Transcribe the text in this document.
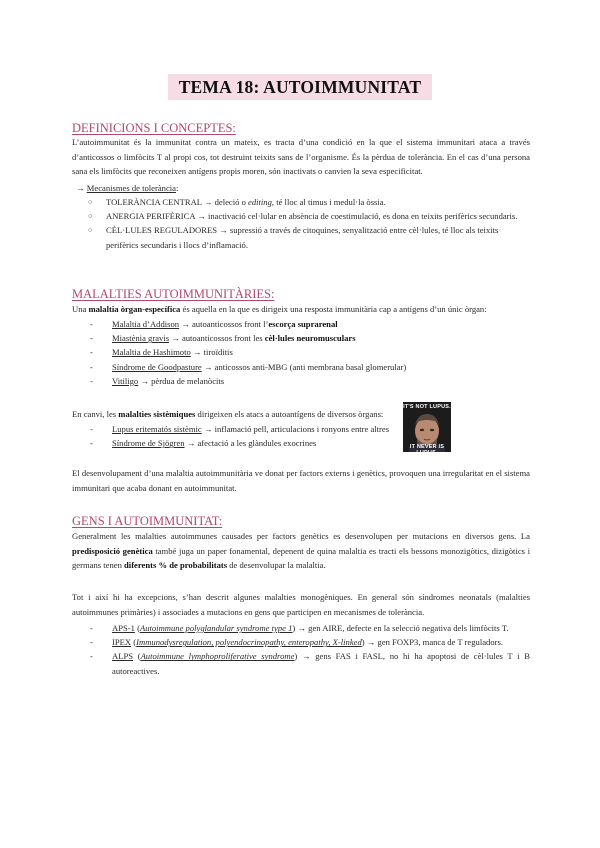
TEMA 18: AUTOIMMUNITAT
DEFINICIONS I CONCEPTES:
L’autoimmunitat és la immunitat contra un mateix, es tracta d’una condició en la que el sistema immunitari ataca a través d’anticossos o limfòcits T al propi cos, tot destruint teixits sans de l’organisme. És la pèrdua de tolerància. En el cas d’una persona sana els limfòcits que reconeixen antígens propis moren, són inactivats o canvien la seva especificitat.
→ Mecanismes de tolerància:
○ TOLERÀNCIA CENTRAL → deleció o editing, té lloc al timus i medul·la òssia.
○ ANERGIA PERIFÈRICA → inactivació cel·lular en absència de coestimulació, es dona en teixits perifèrics secundaris.
○ CÈL·LULES REGULADORES → supressió a través de citoquines, senyalització entre cèl·lules, té lloc als teixits perifèrics secundaris i llocs d’inflamació.
MALALTIES AUTOIMMUNITÀRIES:
Una malaltia òrgan-específica és aquella en la que es dirigeix una resposta immunitària cap a antígens d’un únic òrgan:
- Malaltia d’Addison → autoanticossos front l’escorça suprarenal
- Miastènia gravis → autoanticossos front les cèl·lules neuromusculars
- Malaltia de Hashimoto → tiroïditis
- Síndrome de Goodpasture → anticossos anti-MBG (anti membrana basal glomerular)
- Vitiligo → pèrdua de melanòcits
En canvi, les malalties sistèmiques dirigeixen els atacs a autoantígens de diversos òrgans:
- Lupus eritematós sistèmic → inflamació pell, articulacions i ronyons entre altres
- Síndrome de Sjögren → afectació a les glàndules exocrines
IT'S NOT LUPUS.
IT NEVER IS LUPUS.
El desenvolupament d’una malaltia autoimmunitària ve donat per factors externs i genètics, provoquen una irregularitat en el sistema immunitari que acaba donant en autoimmunitat.
GENS I AUTOIMMUNITAT:
Generalment les malalties autoimmunes causades per factors genètics es desenvolupen per mutacions en diversos gens. La predisposició genètica també juga un paper fonamental, depenent de quina malaltia es tracti els bessons monozigòtics, dizigòtics i germans tenen diferents % de probabilitats de desenvolupar la malaltia.
Tot i així hi ha excepcions, s’han descrit algunes malalties monogèniques. En general són síndromes neonatals (malalties autoimmunes primàries) i associades a mutacions en gens que participen en mecanismes de tolerància.
- APS-1 (Autoimmune polyglandular syndrome type 1) → gen AIRE, defecte en la selecció negativa dels limfòcits T.
- IPEX (Immunodysregulation, polyendocrinopathy, enteropathy, X-linked) → gen FOXP3, manca de T reguladors.
- ALPS (Autoimmune lymphoproliferative syndrome) → gens FAS i FASL, no hi ha apoptosi de cèl·lules T i B autoreactives.
